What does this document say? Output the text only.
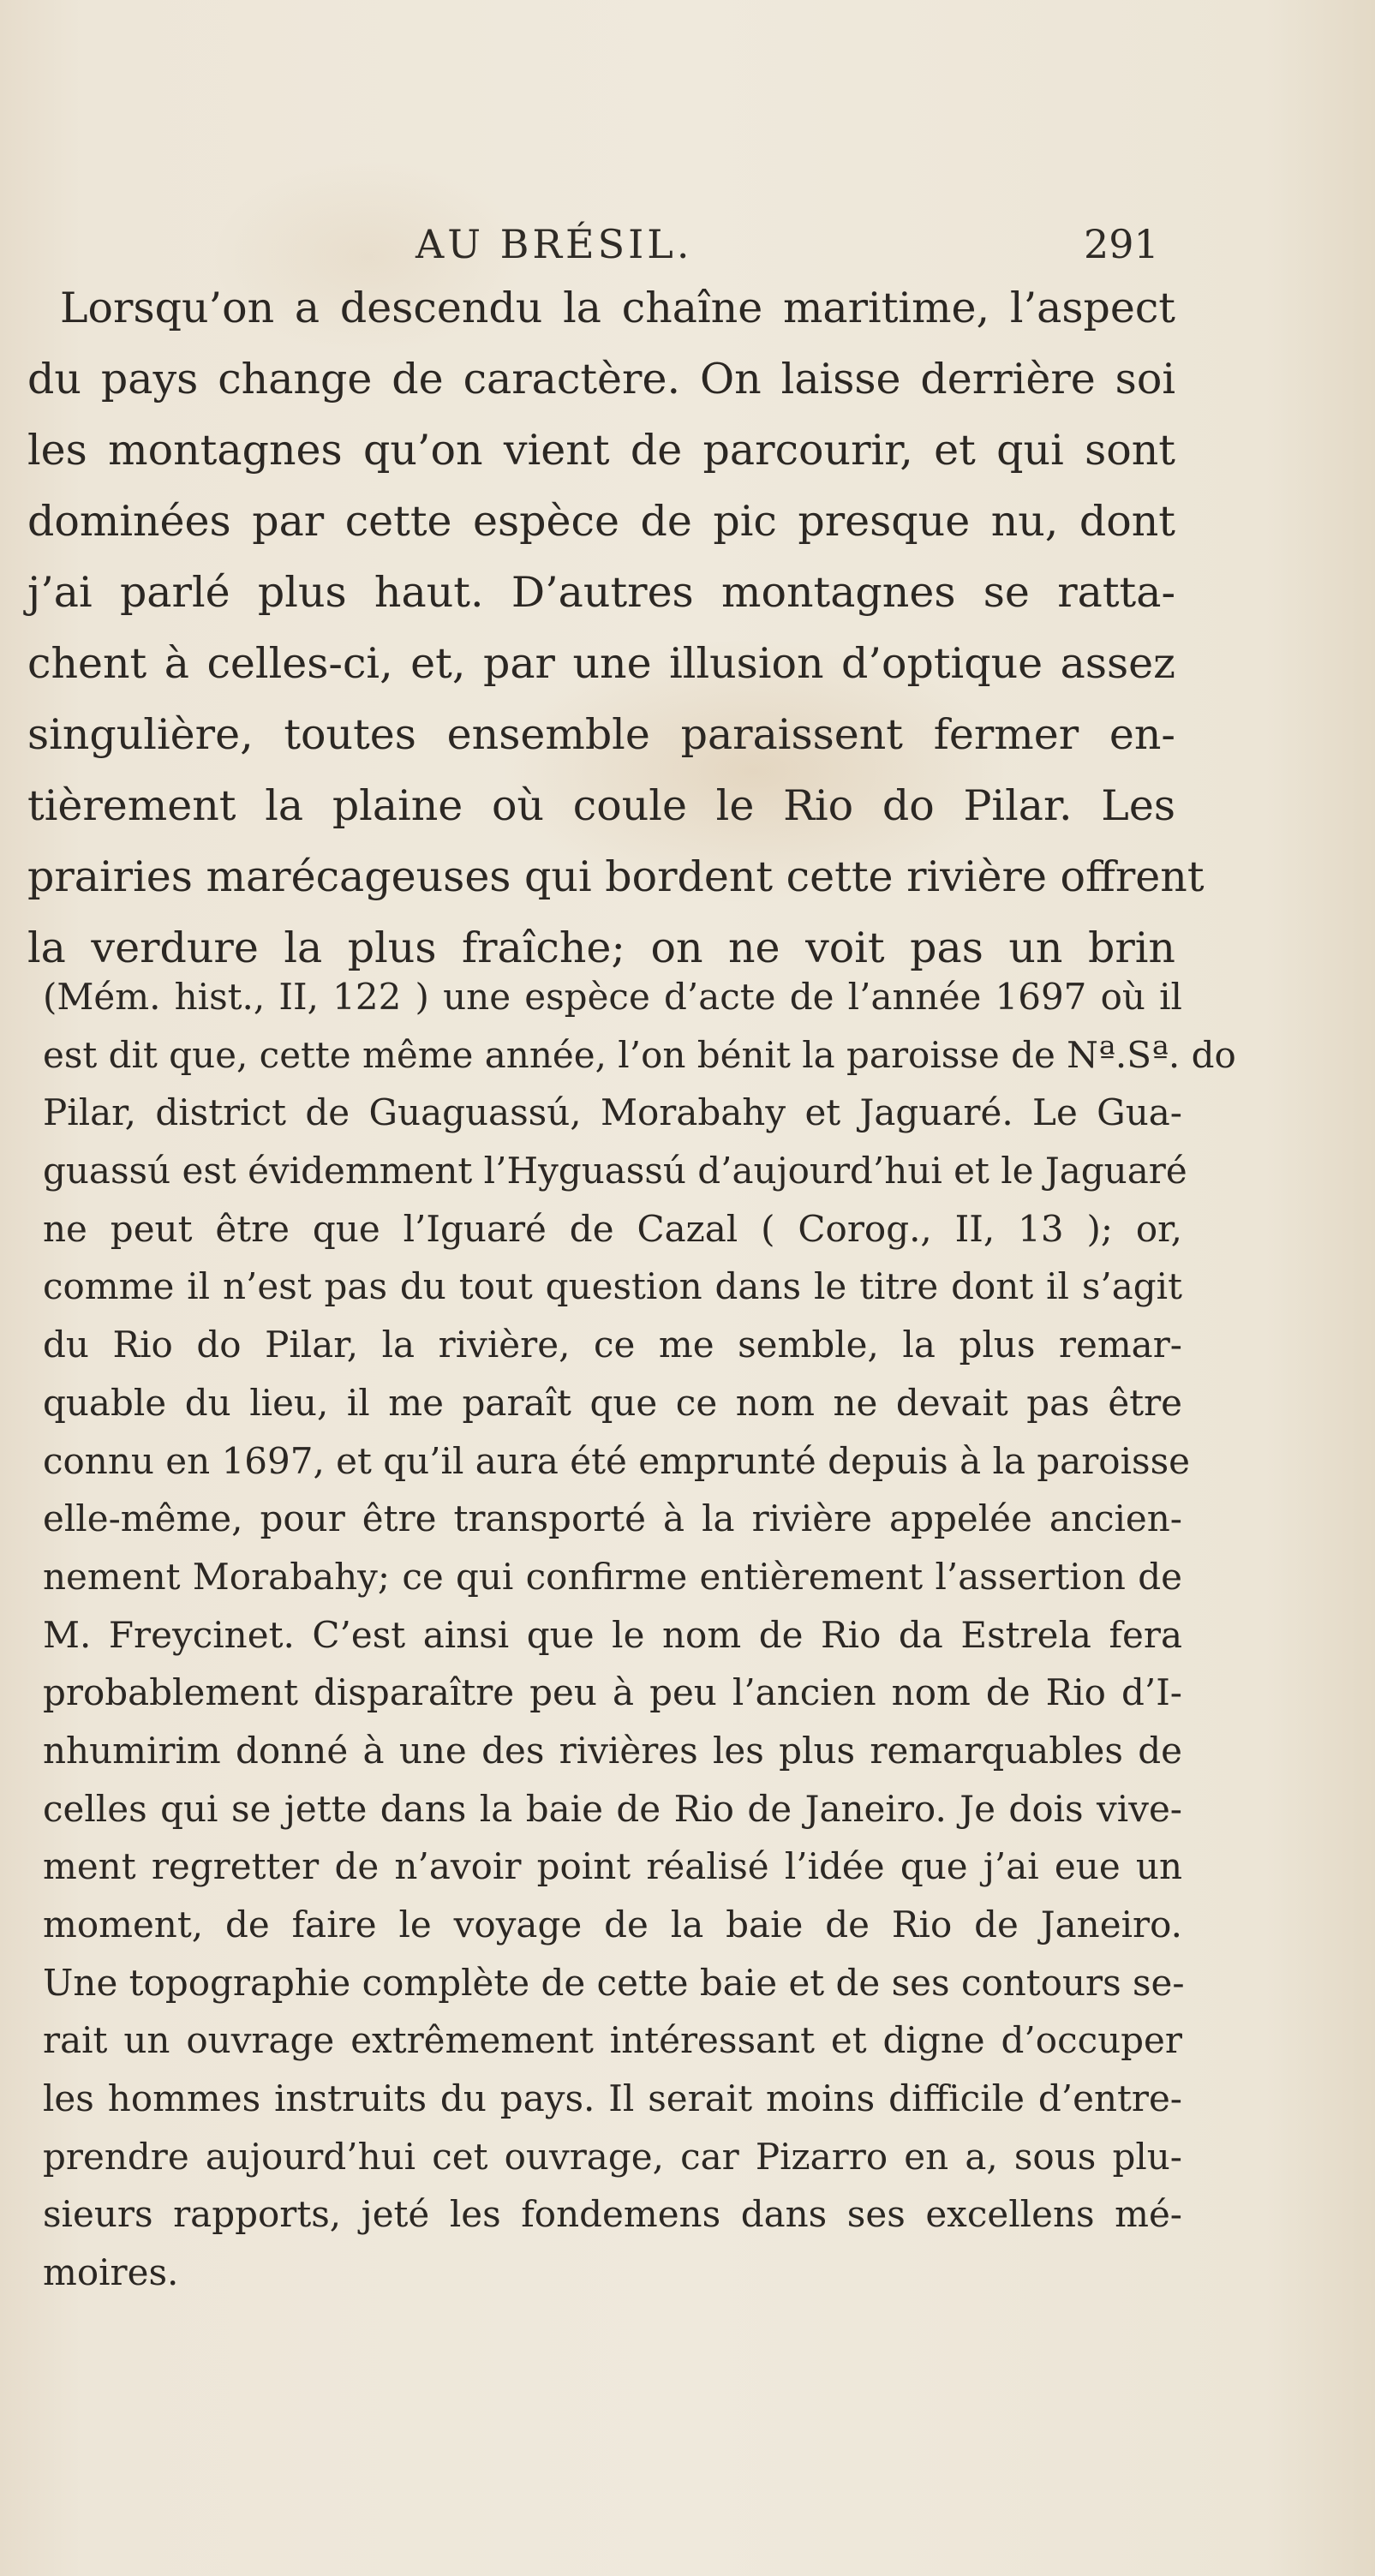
AU BRÉSIL.	291
Lorsqu’on a descendu la chaîne maritime, l’aspect
du pays change de caractère. On laisse derrière soi
les montagnes qu’on vient de parcourir, et qui sont
dominées par cette espèce de pic presque nu, dont
j’ai parlé plus haut. D’autres montagnes se ratta-
chent à celles-ci, et, par une illusion d’optique assez
singulière, toutes ensemble paraissent fermer en-
tièrement la plaine où coule le Rio do Pilar. Les
prairies marécageuses qui bordent cette rivière offrent
la verdure la plus fraîche; on ne voit pas un brin
(Mém. hist., II, 122 ) une espèce d’acte de l’année 1697 où il
est dit que, cette même année, l’on bénit la paroisse de Nª.Sª. do
Pilar, district de Guaguassú, Morabahy et Jaguaré. Le Gua-
guassú est évidemment l’Hyguassú d’aujourd’hui et le Jaguaré
ne peut être que l’Iguaré de Cazal ( Corog., II, 13 ); or,
comme il n’est pas du tout question dans le titre dont il s’agit
du Rio do Pilar, la rivière, ce me semble, la plus remar-
quable du lieu, il me paraît que ce nom ne devait pas être
connu en 1697, et qu’il aura été emprunté depuis à la paroisse
elle-même, pour être transporté à la rivière appelée ancien-
nement Morabahy; ce qui confirme entièrement l’assertion de
M. Freycinet. C’est ainsi que le nom de Rio da Estrela fera
probablement disparaître peu à peu l’ancien nom de Rio d’I-
nhumirim donné à une des rivières les plus remarquables de
celles qui se jette dans la baie de Rio de Janeiro. Je dois vive-
ment regretter de n’avoir point réalisé l’idée que j’ai eue un
moment, de faire le voyage de la baie de Rio de Janeiro.
Une topographie complète de cette baie et de ses contours se-
rait un ouvrage extrêmement intéressant et digne d’occuper
les hommes instruits du pays. Il serait moins difficile d’entre-
prendre aujourd’hui cet ouvrage, car Pizarro en a, sous plu-
sieurs rapports, jeté les fondemens dans ses excellens mé-
moires.
